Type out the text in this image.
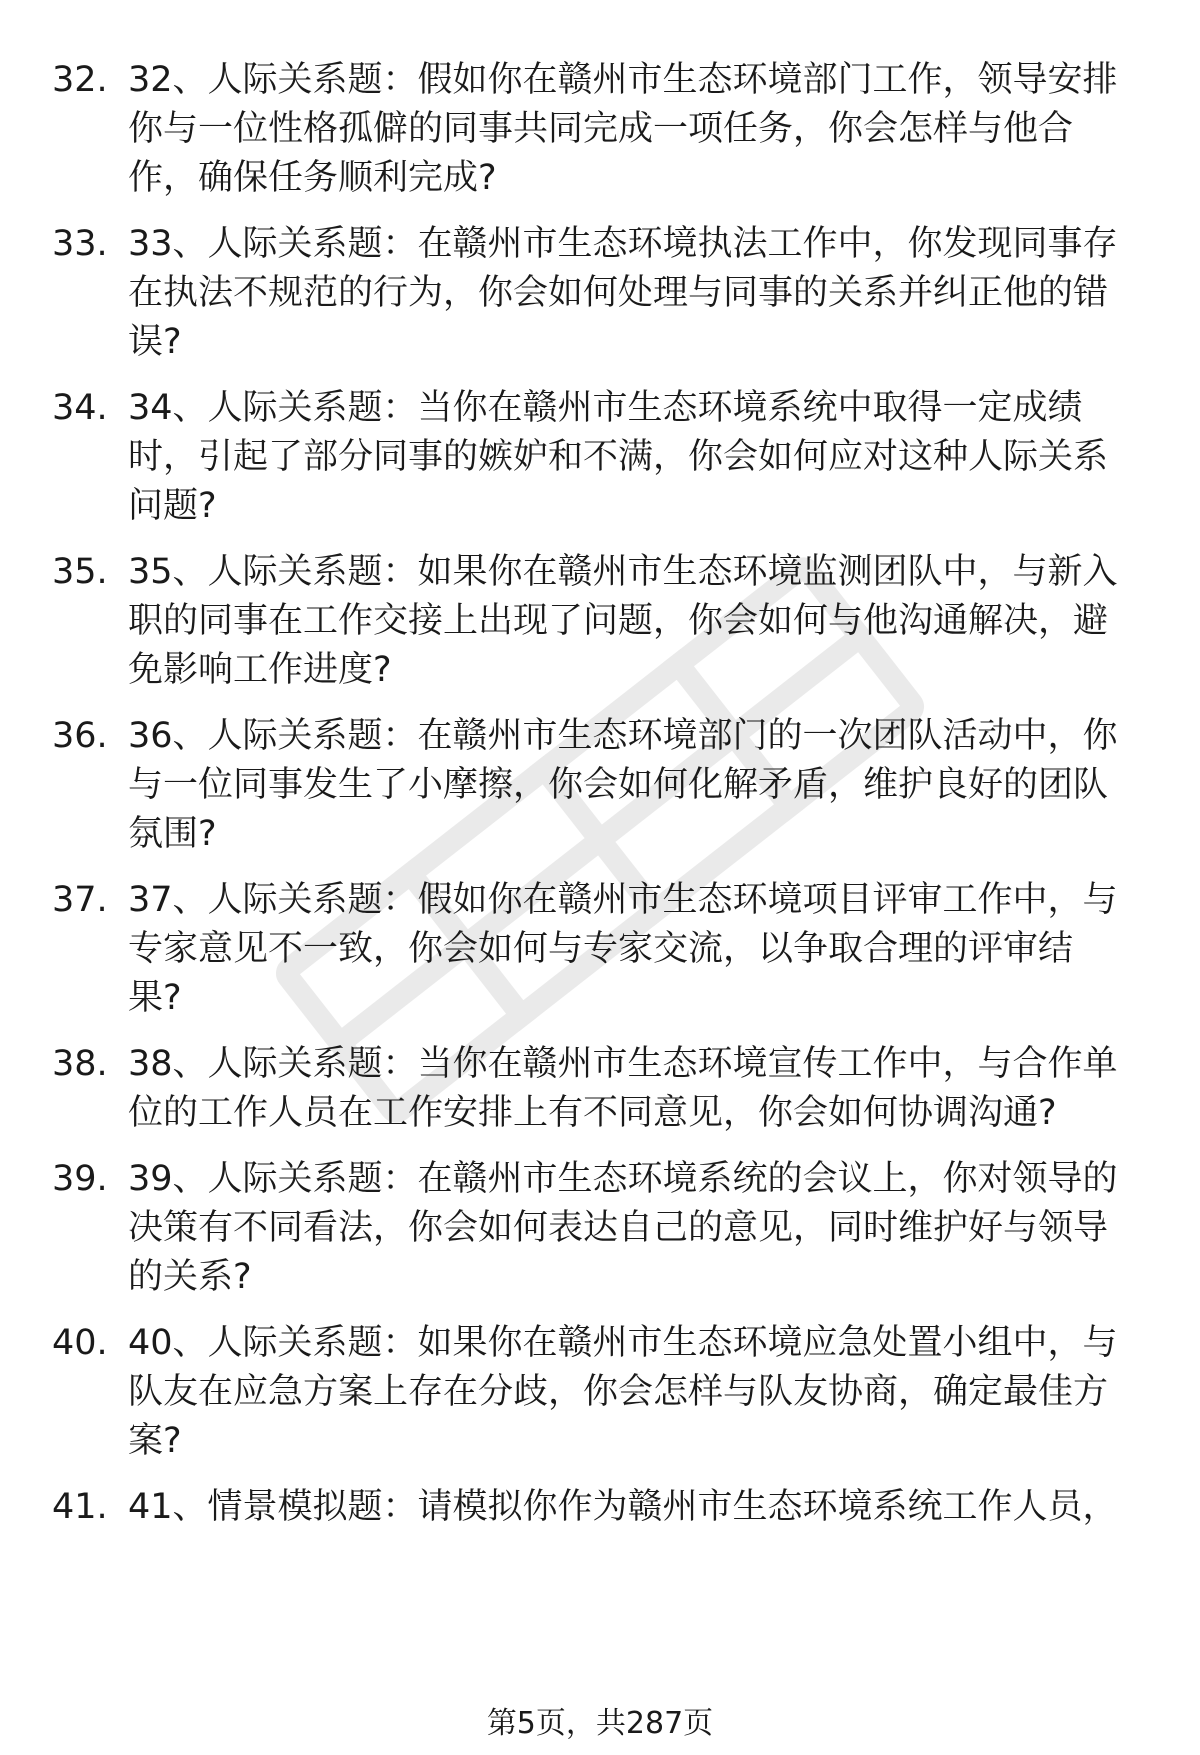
32. 32、人际关系题：假如你在赣州市生态环境部门工作，领导安排
你与一位性格孤僻的同事共同完成一项任务，你会怎样与他合
作，确保任务顺利完成?
33. 33、人际关系题：在赣州市生态环境执法工作中，你发现同事存
在执法不规范的行为，你会如何处理与同事的关系并纠正他的错
误?
34. 34、人际关系题：当你在赣州市生态环境系统中取得一定成绩
时，引起了部分同事的嫉妒和不满，你会如何应对这种人际关系
问题?
35. 35、人际关系题：如果你在赣州市生态环境监测团队中，与新入
职的同事在工作交接上出现了问题，你会如何与他沟通解决，避
免影响工作进度?
36. 36、人际关系题：在赣州市生态环境部门的一次团队活动中，你
与一位同事发生了小摩擦，你会如何化解矛盾，维护良好的团队
氛围?
37. 37、人际关系题：假如你在赣州市生态环境项目评审工作中，与
专家意见不一致，你会如何与专家交流，以争取合理的评审结
果?
38. 38、人际关系题：当你在赣州市生态环境宣传工作中，与合作单
位的工作人员在工作安排上有不同意见，你会如何协调沟通?
39. 39、人际关系题：在赣州市生态环境系统的会议上，你对领导的
决策有不同看法，你会如何表达自己的意见，同时维护好与领导
的关系?
40. 40、人际关系题：如果你在赣州市生态环境应急处置小组中，与
队友在应急方案上存在分歧，你会怎样与队友协商，确定最佳方
案?
41. 41、情景模拟题：请模拟你作为赣州市生态环境系统工作人员，
第5页，共287页
